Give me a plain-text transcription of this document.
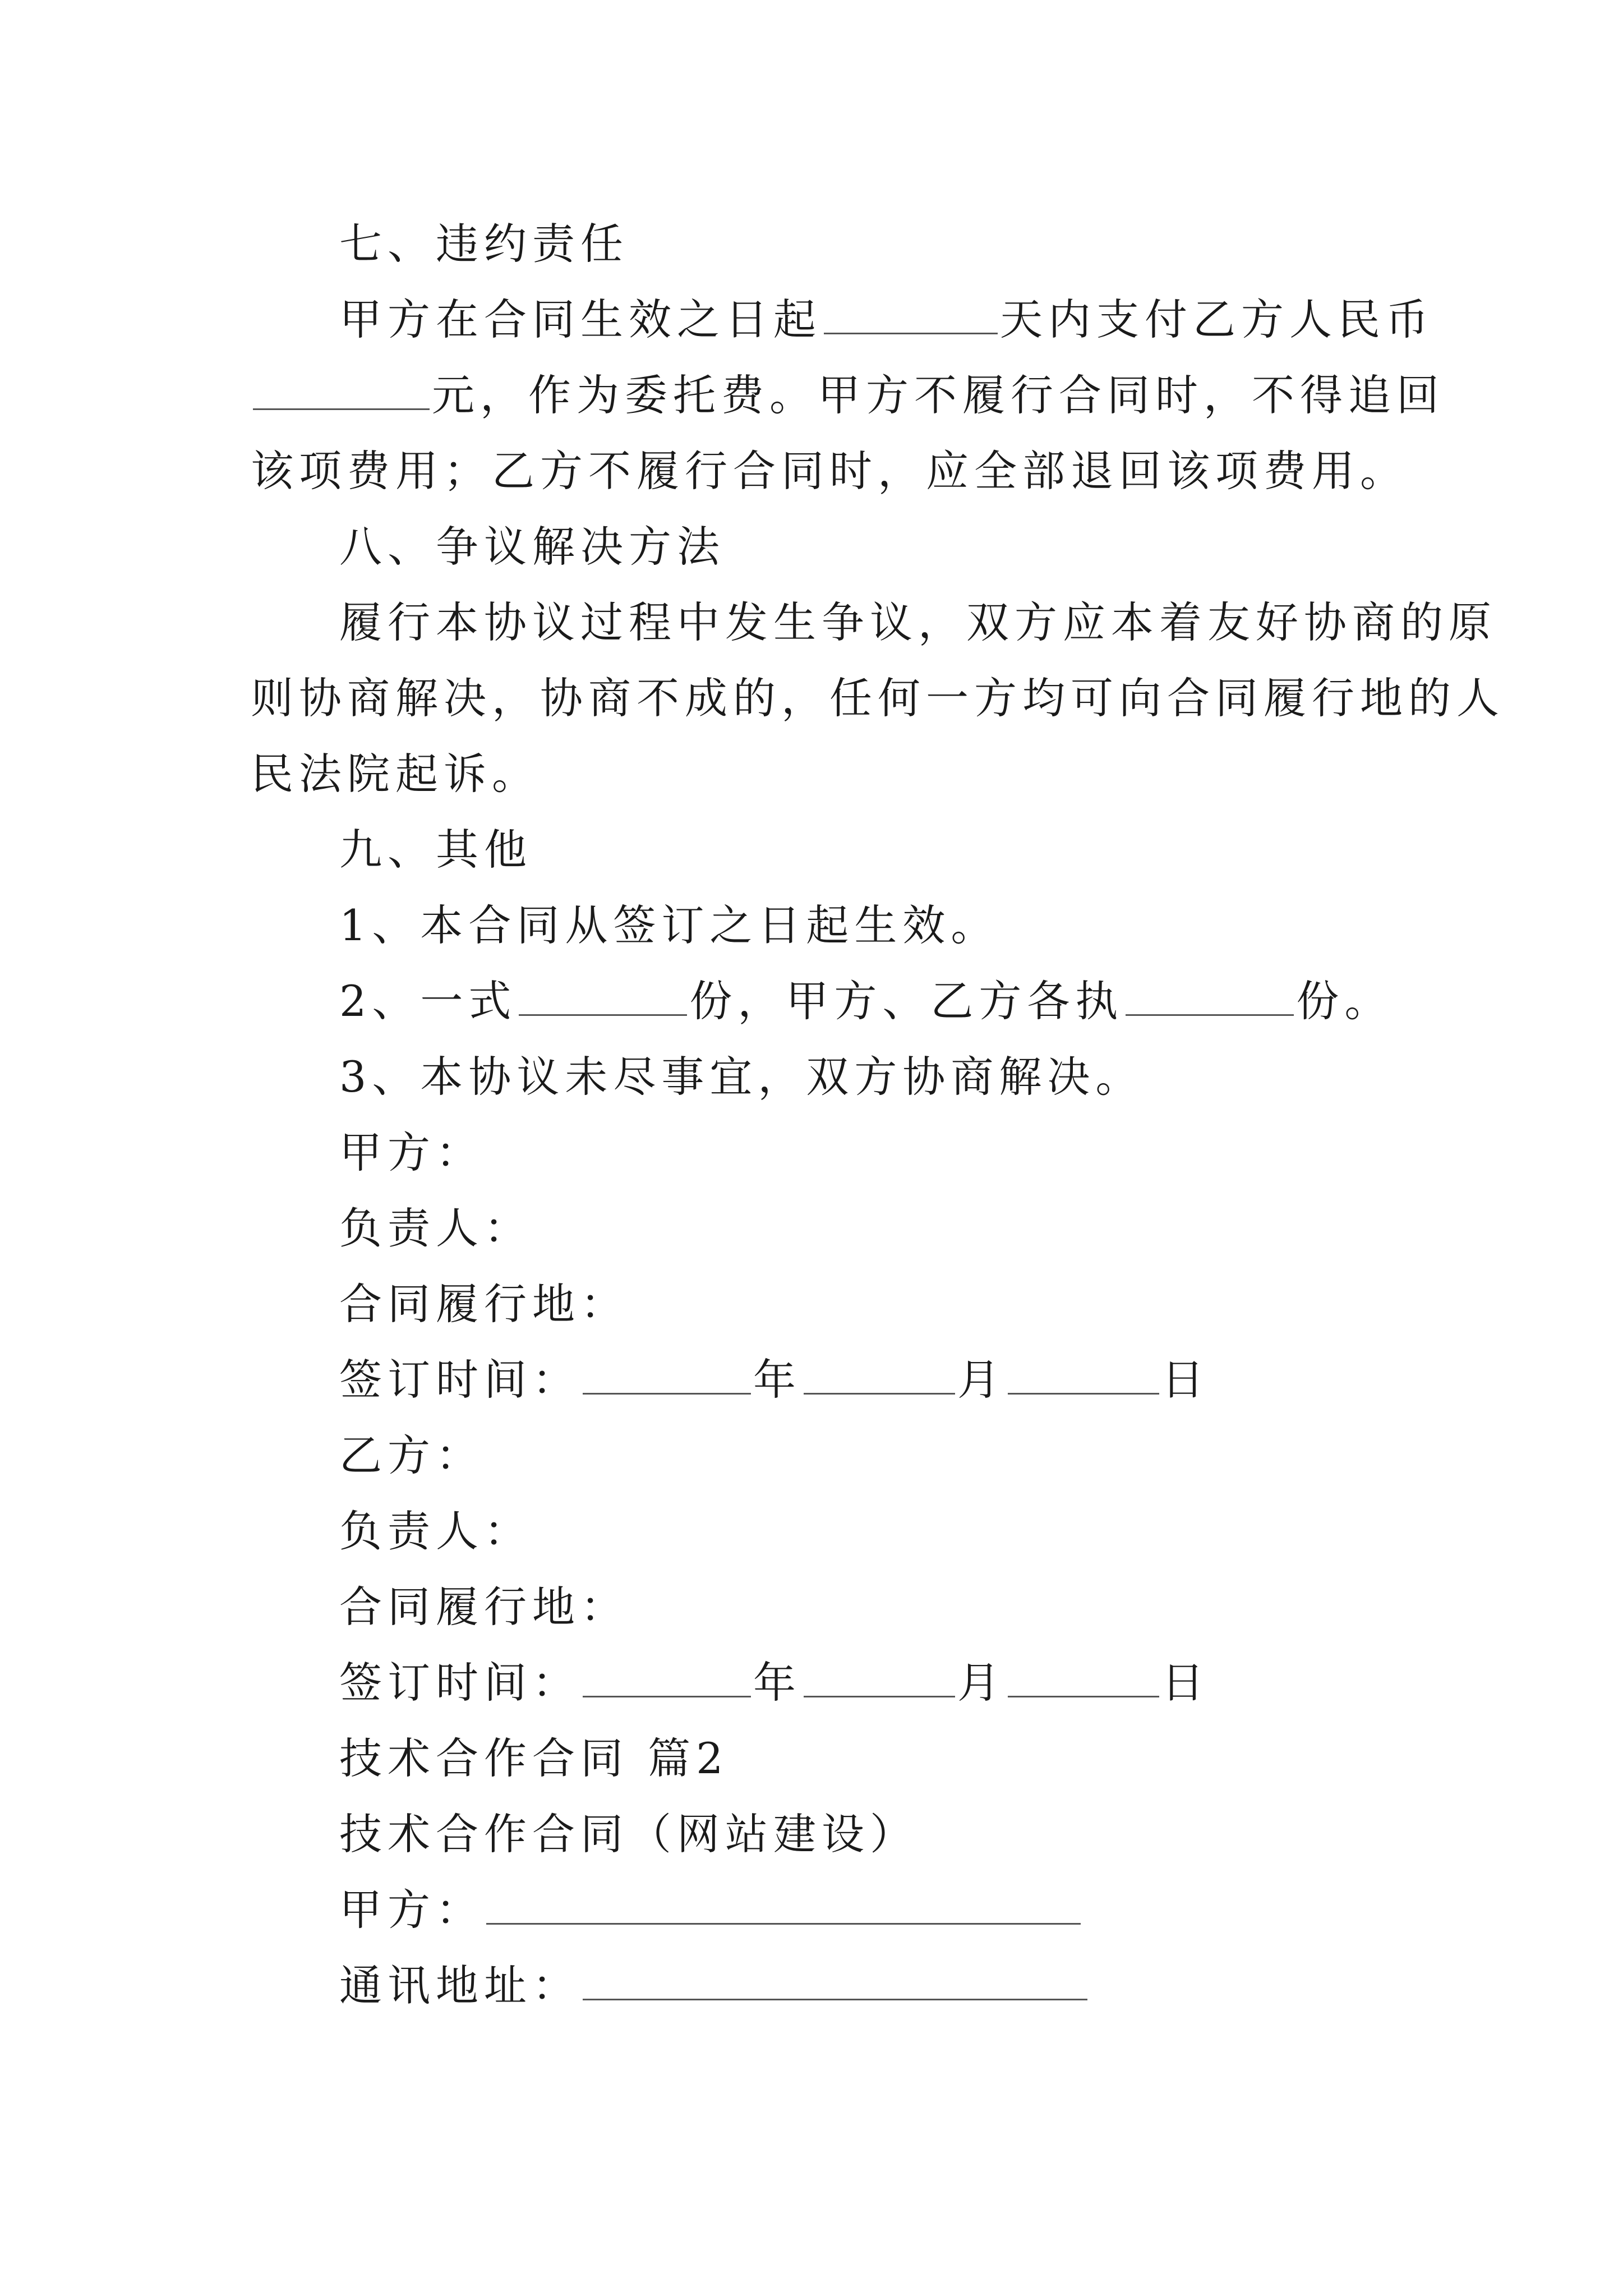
七、违约责任
甲方在合同生效之日起	天内支付乙方人民币
元，作为委托费。甲方不履行合同时，不得追回
该项费用；乙方不履行合同时，应全部退回该项费用。
八、争议解决方法
履行本协议过程中发生争议，双方应本着友好协商的原
则协商解决，协商不成的，任何一方均可向合同履行地的人
民法院起诉。
九、其他
1、本合同从签订之日起生效。
2、一式	份，甲方、乙方各执	份。
3、本协议未尽事宜，双方协商解决。
甲方：
负责人：
合同履行地：
签订时间：	年	月	日
乙方：
负责人：
合同履行地：
签订时间：	年	月	日
技术合作合同 篇2
技术合作合同（网站建设）
甲方：
通讯地址：
